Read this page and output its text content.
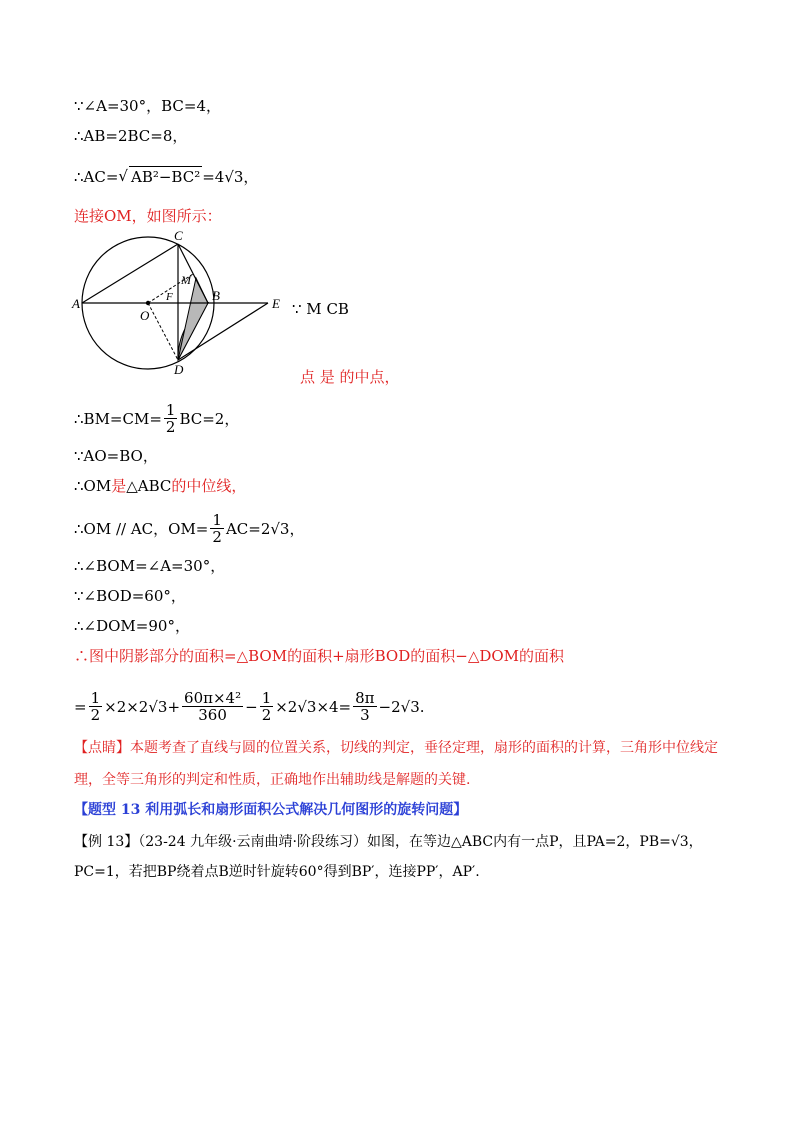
∵∠A=30°，BC=4，
∴AB=2BC=8，
∴AC= √ AB²−BC² =4√3，
连接OM，如图所示：
A
C
B
D
E
O
F
M
∵ M CB
点 是 的中点，
∴BM=CM= $\frac{1}{2} BC=2$，
∵AO=BO，
∴OM 是 △ABC 的中位线，
∴OM // AC，$OM= \frac{1}{2} AC=2√3$，
∴∠BOM=∠A=30°，
∵∠BOD=60°，
∴∠DOM=90°，
∴图中阴影部分的面积=△BOM的面积+扇形BOD的面积−△DOM的面积
= $\frac{1}{2} \times 2\times 2√3+ \frac{\text{60π×4²}}{360} - \frac{1}{2} \times 2√3\times 4= \frac{8\pi}{3} -2√3$.
【点睛】本题考查了直线与圆的位置关系，切线的判定，垂径定理，扇形的面积的计算，三角形中位线定
理，全等三角形的判定和性质，正确地作出辅助线是解题的关键.
【题型 13 利用弧长和扇形面积公式解决几何图形的旋转问题】
【例 13】（23-24 九年级·云南曲靖·阶段练习）如图，在等边△ABC内有一点P，且PA=2，PB=√3，
PC=1，若把BP绕着点B逆时针旋转60°得到BP′，连接PP′，AP′.
